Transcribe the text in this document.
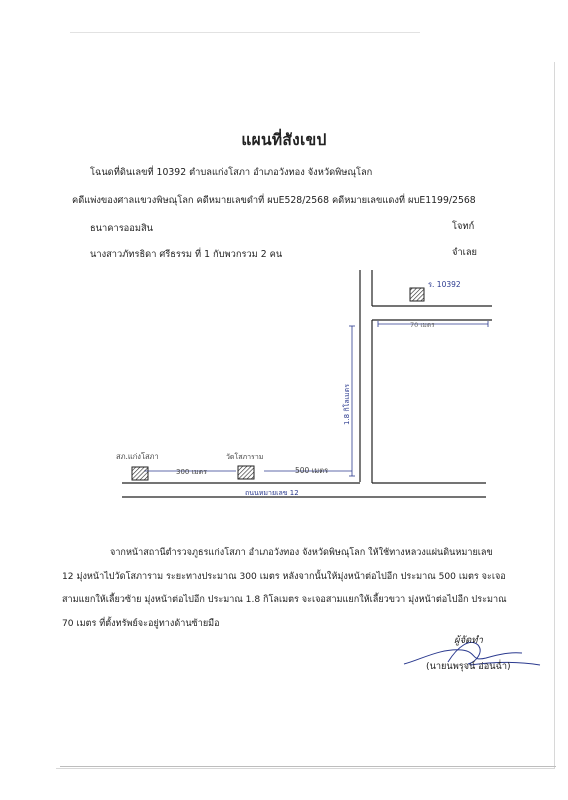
แผนที่สังเขป
โฉนดที่ดินเลขที่ 10392 ตำบลแก่งโสภา อำเภอวังทอง จังหวัดพิษณุโลก
คดีแพ่งของศาลแขวงพิษณุโลก คดีหมายเลขดำที่ ผบE528/2568 คดีหมายเลขแดงที่ ผบE1199/2568
ธนาคารออมสิน	โจทก์
นางสาวภัทรธิดา ศรีธรรม ที่ 1 กับพวกรวม 2 คน	จำเลย
ร. 10392
70 เมตร
1.8 กิโลเมตร
สภ.แก่งโสภา	วัดโสภาราม
300 เมตร	500 เมตร
ถนนหมายเลข 12
จากหน้าสถานีตำรวจภูธรแก่งโสภา อำเภอวังทอง จังหวัดพิษณุโลก ให้ใช้ทางหลวงแผ่นดินหมายเลข
12 มุ่งหน้าไปวัดโสภาราม ระยะทางประมาณ 300 เมตร หลังจากนั้นให้มุ่งหน้าต่อไปอีก ประมาณ 500 เมตร จะเจอ
สามแยกให้เลี้ยวซ้าย มุ่งหน้าต่อไปอีก ประมาณ 1.8 กิโลเมตร จะเจอสามแยกให้เลี้ยวขวา มุ่งหน้าต่อไปอีก ประมาณ
70 เมตร ที่ตั้งทรัพย์จะอยู่ทางด้านซ้ายมือ
ผู้จัดทำ
(นายนพรุจน์ อ่อนฉ่ำ)
